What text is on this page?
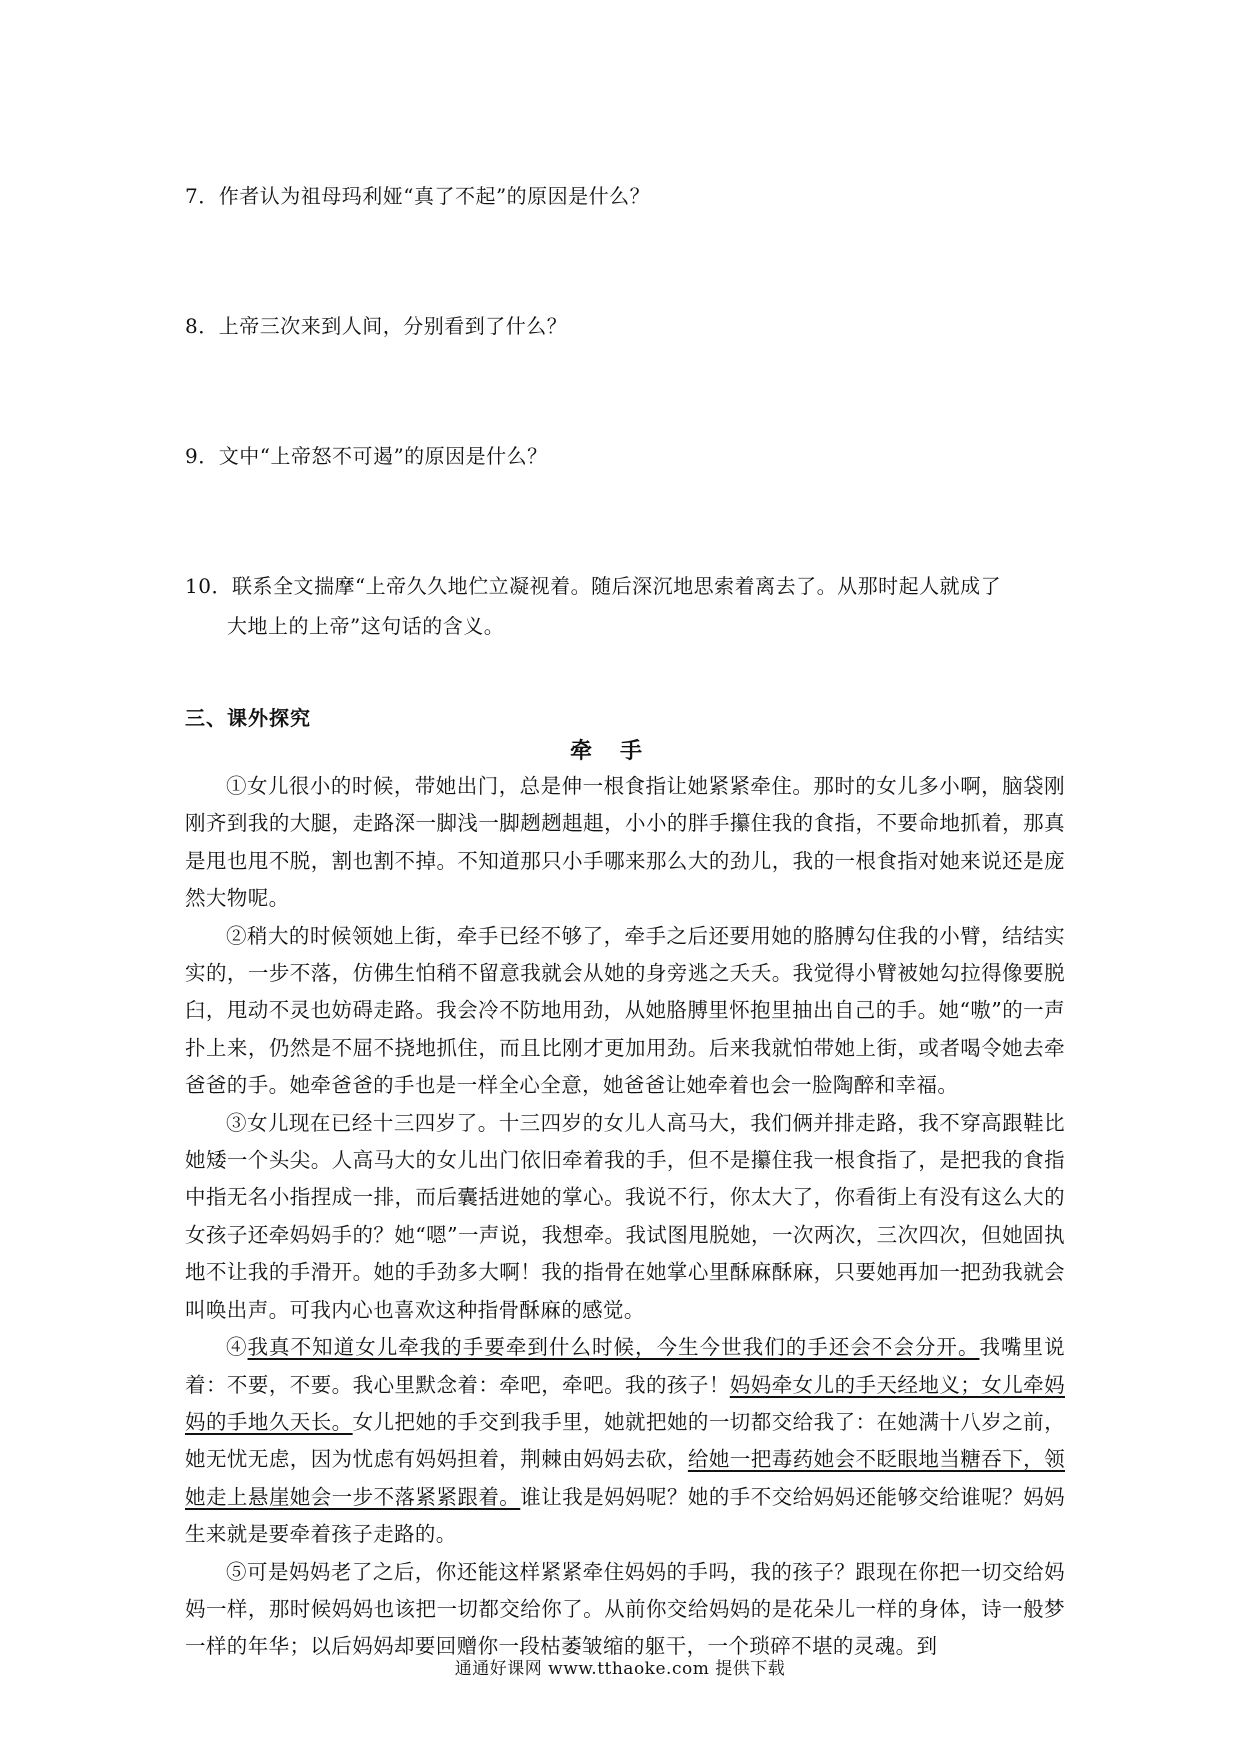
7．作者认为祖母玛利娅“真了不起”的原因是什么？

8．上帝三次来到人间，分别看到了什么？

9．文中“上帝怒不可遏”的原因是什么？

10．联系全文揣摩“上帝久久地伫立凝视着。随后深沉地思索着离去了。从那时起人就成了
大地上的上帝”这句话的含义。

三、课外探究

牵手

①女儿很小的时候，带她出门，总是伸一根食指让她紧紧牵住。那时的女儿多小啊，脑袋刚刚齐到我的大腿，走路深一脚浅一脚趔趔趄趄，小小的胖手攥住我的食指，不要命地抓着，那真是甩也甩不脱，割也割不掉。不知道那只小手哪来那么大的劲儿，我的一根食指对她来说还是庞然大物呢。

②稍大的时候领她上街，牵手已经不够了，牵手之后还要用她的胳膊勾住我的小臂，结结实实的，一步不落，仿佛生怕稍不留意我就会从她的身旁逃之夭夭。我觉得小臂被她勾拉得像要脱臼，甩动不灵也妨碍走路。我会冷不防地用劲，从她胳膊里怀抱里抽出自己的手。她“嗷”的一声扑上来，仍然是不屈不挠地抓住，而且比刚才更加用劲。后来我就怕带她上街，或者喝令她去牵爸爸的手。她牵爸爸的手也是一样全心全意，她爸爸让她牵着也会一脸陶醉和幸福。

③女儿现在已经十三四岁了。十三四岁的女儿人高马大，我们俩并排走路，我不穿高跟鞋比她矮一个头尖。人高马大的女儿出门依旧牵着我的手，但不是攥住我一根食指了，是把我的食指中指无名小指捏成一排，而后囊括进她的掌心。我说不行，你太大了，你看街上有没有这么大的女孩子还牵妈妈手的？她“嗯”一声说，我想牵。我试图甩脱她，一次两次，三次四次，但她固执地不让我的手滑开。她的手劲多大啊！我的指骨在她掌心里酥麻酥麻，只要她再加一把劲我就会叫唤出声。可我内心也喜欢这种指骨酥麻的感觉。

④我真不知道女儿牵我的手要牵到什么时候，今生今世我们的手还会不会分开。我嘴里说着：不要，不要。我心里默念着：牵吧，牵吧。我的孩子！妈妈牵女儿的手天经地义；女儿牵妈妈的手地久天长。女儿把她的手交到我手里，她就把她的一切都交给我了：在她满十八岁之前，她无忧无虑，因为忧虑有妈妈担着，荆棘由妈妈去砍，给她一把毒药她会不眨眼地当糖吞下，领她走上悬崖她会一步不落紧紧跟着。谁让我是妈妈呢？她的手不交给妈妈还能够交给谁呢？妈妈生来就是要牵着孩子走路的。

⑤可是妈妈老了之后，你还能这样紧紧牵住妈妈的手吗，我的孩子？跟现在你把一切交给妈妈一样，那时候妈妈也该把一切都交给你了。从前你交给妈妈的是花朵儿一样的身体，诗一般梦一样的年华；以后妈妈却要回赠你一段枯萎皱缩的躯干，一个琐碎不堪的灵魂。到

通通好课网 www.tthaoke.com 提供下载
